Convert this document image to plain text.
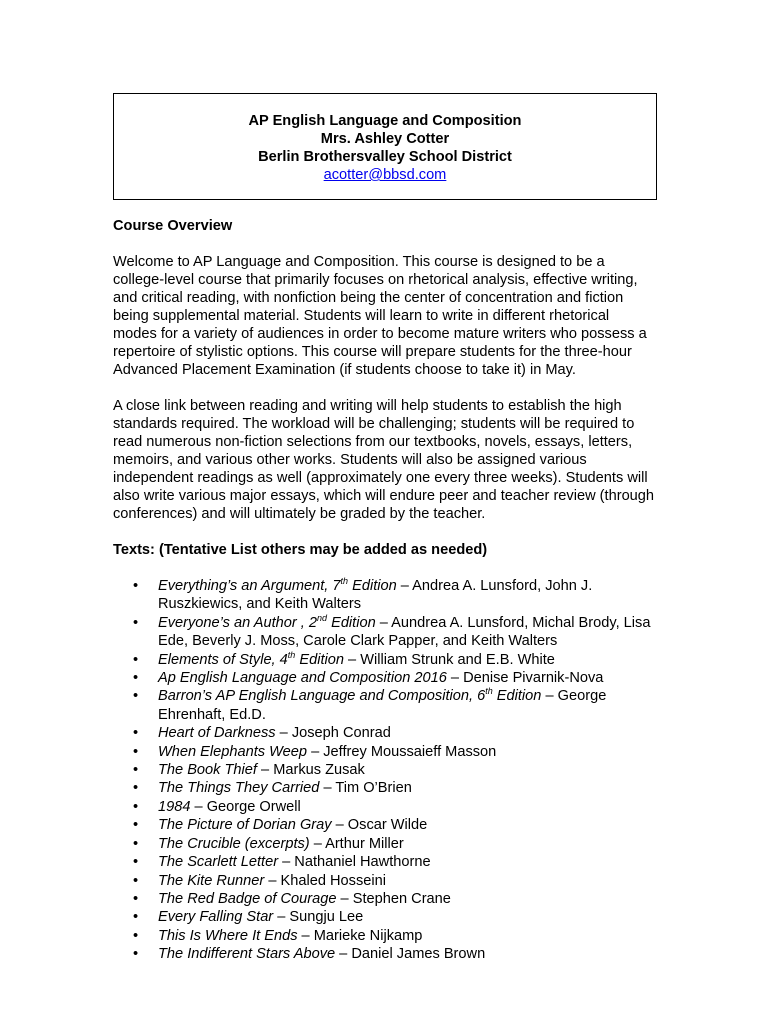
AP English Language and Composition
Mrs. Ashley Cotter
Berlin Brothersvalley School District
acotter@bbsd.com
Course Overview

Welcome to AP Language and Composition. This course is designed to be a college-level course that primarily focuses on rhetorical analysis, effective writing, and critical reading, with nonfiction being the center of concentration and fiction being supplemental material. Students will learn to write in different rhetorical modes for a variety of audiences in order to become mature writers who possess a repertoire of stylistic options. This course will prepare students for the three-hour Advanced Placement Examination (if students choose to take it) in May.

A close link between reading and writing will help students to establish the high standards required. The workload will be challenging; students will be required to read numerous non-fiction selections from our textbooks, novels, essays, letters, memoirs, and various other works. Students will also be assigned various independent readings as well (approximately one every three weeks). Students will also write various major essays, which will endure peer and teacher review (through conferences) and will ultimately be graded by the teacher.

Texts: (Tentative List others may be added as needed)
• Everything’s an Argument, 7th Edition – Andrea A. Lunsford, John J. Ruszkiewics, and Keith Walters
• Everyone’s an Author , 2nd Edition – Aundrea A. Lunsford, Michal Brody, Lisa Ede, Beverly J. Moss, Carole Clark Papper, and Keith Walters
• Elements of Style, 4th Edition – William Strunk and E.B. White
• Ap English Language and Composition 2016 – Denise Pivarnik-Nova
• Barron’s AP English Language and Composition, 6th Edition – George Ehrenhaft, Ed.D.
• Heart of Darkness – Joseph Conrad
• When Elephants Weep – Jeffrey Moussaieff Masson
• The Book Thief – Markus Zusak
• The Things They Carried – Tim O’Brien
• 1984 – George Orwell
• The Picture of Dorian Gray – Oscar Wilde
• The Crucible (excerpts) – Arthur Miller
• The Scarlett Letter – Nathaniel Hawthorne
• The Kite Runner – Khaled Hosseini
• The Red Badge of Courage – Stephen Crane
• Every Falling Star – Sungju Lee
• This Is Where It Ends – Marieke Nijkamp
• The Indifferent Stars Above – Daniel James Brown
